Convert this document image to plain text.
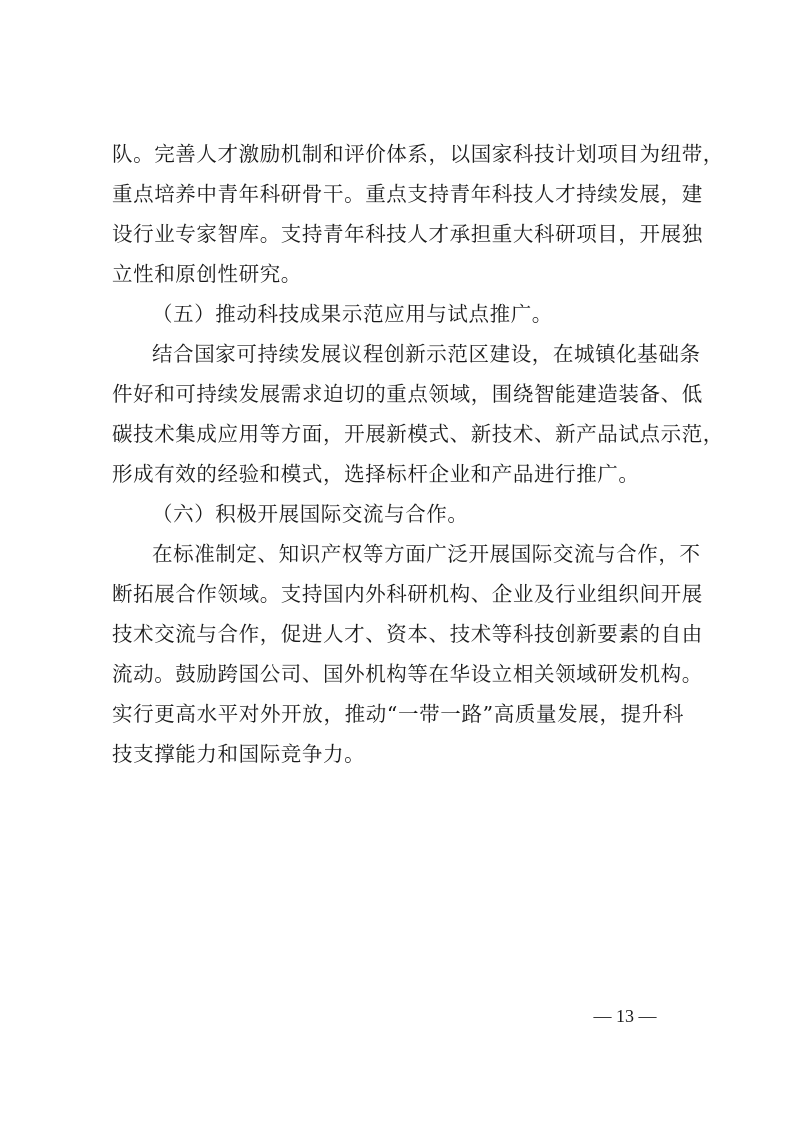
队。完善人才激励机制和评价体系，以国家科技计划项目为纽带，
重点培养中青年科研骨干。重点支持青年科技人才持续发展，建
设行业专家智库。支持青年科技人才承担重大科研项目，开展独
立性和原创性研究。
（五）推动科技成果示范应用与试点推广。
结合国家可持续发展议程创新示范区建设，在城镇化基础条
件好和可持续发展需求迫切的重点领域，围绕智能建造装备、低
碳技术集成应用等方面，开展新模式、新技术、新产品试点示范，
形成有效的经验和模式，选择标杆企业和产品进行推广。
（六）积极开展国际交流与合作。
在标准制定、知识产权等方面广泛开展国际交流与合作，不
断拓展合作领域。支持国内外科研机构、企业及行业组织间开展
技术交流与合作，促进人才、资本、技术等科技创新要素的自由
流动。鼓励跨国公司、国外机构等在华设立相关领域研发机构。
实行更高水平对外开放，推动“一带一路”高质量发展，提升科
技支撑能力和国际竞争力。
— 13 —
